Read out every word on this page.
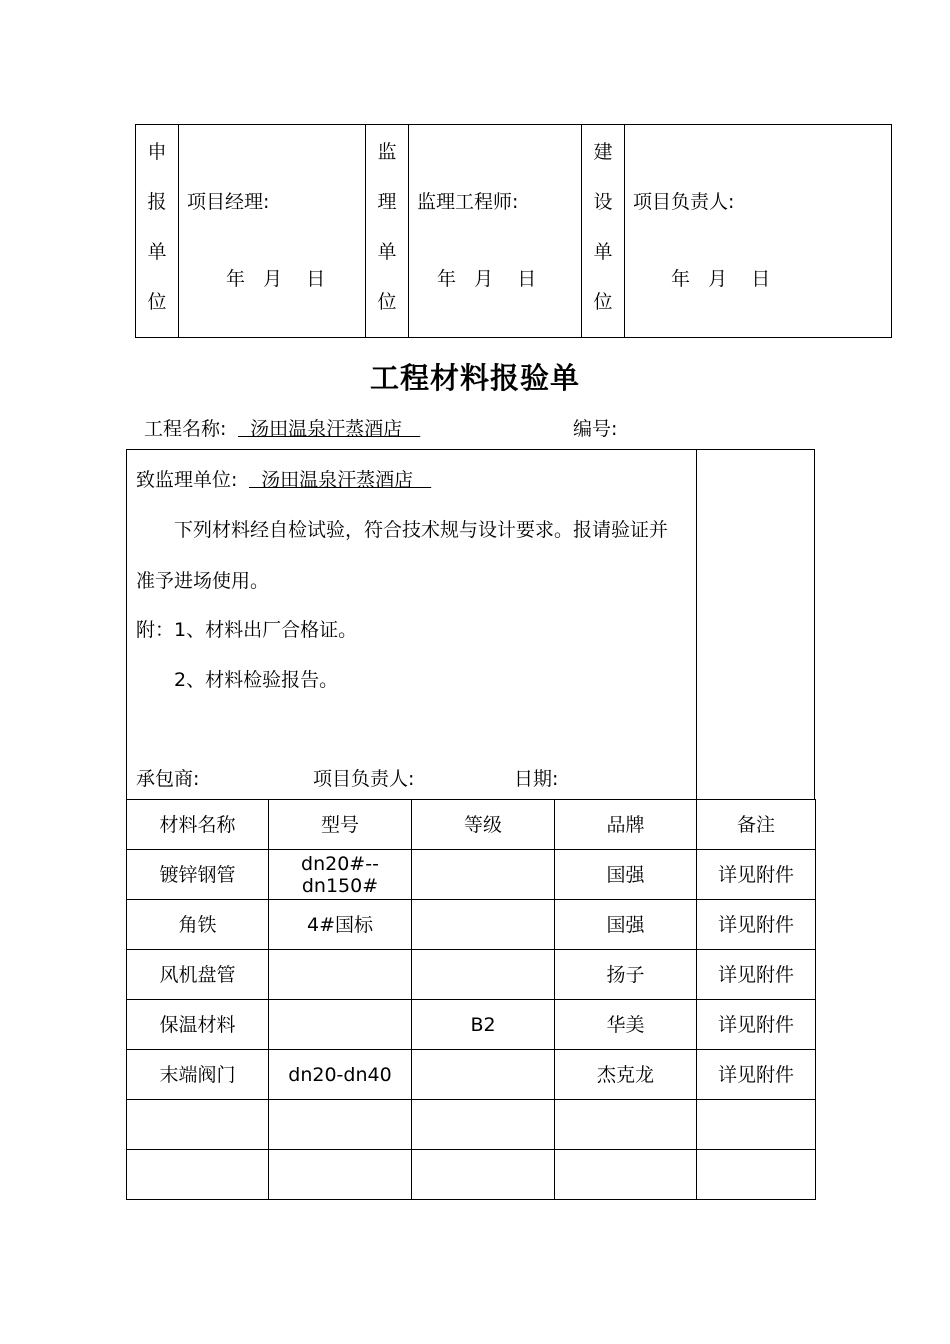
申
报
单
位

项目经理:
年   月    日

监
理
单
位

监理工程师:
年   月    日

建
设
单
位

项目负责人:
年   月    日
工程材料报验单
工程名称: 汤田温泉汗蒸酒店	编号:
致监理单位: 汤田温泉汗蒸酒店
下列材料经自检试验，符合技术规与设计要求。报请验证并
准予进场使用。
附：1、材料出厂合格证。
2、材料检验报告。
承包商:	项目负责人:	日期:
材料名称	型号	等级	品牌	备注
镀锌钢管	dn20#--dn150#		国强	详见附件
角铁	4#国标		国强	详见附件
风机盘管			扬子	详见附件
保温材料		B2	华美	详见附件
末端阀门	dn20-dn40		杰克龙	详见附件
